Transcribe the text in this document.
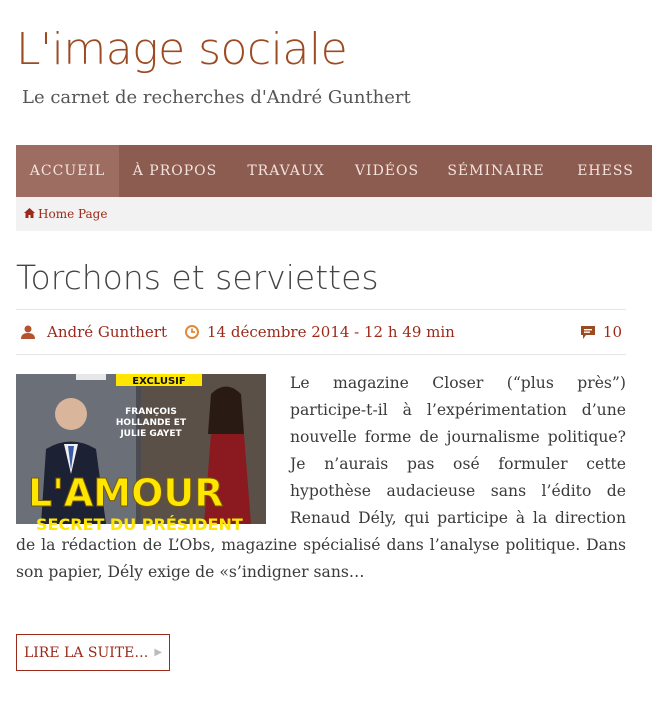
L'image sociale

Le carnet de recherches d'André Gunthert

ACCUEIL	À PROPOS	TRAVAUX	VIDÉOS	SÉMINAIRE	EHESS
Home Page
Torchons et serviettes
André Gunthert	14 décembre 2014 - 12 h 49 min	10
EXCLUSIF
FRANÇOIS
HOLLANDE ET
JULIE GAYET
L'AMOUR
SECRET DU PRÉSIDENT
Le magazine Closer (“plus près”) participe-t-il à l’expérimentation d’une nouvelle forme de journalisme politique? Je n’aurais pas osé formuler cette hypothèse audacieuse sans l’édito de Renaud Dély, qui participe à la direction de la rédaction de L’Obs, magazine spécialisé dans l’analyse politique. Dans son papier, Dély exige de «s’indigner sans…
LIRE LA SUITE… ▶
